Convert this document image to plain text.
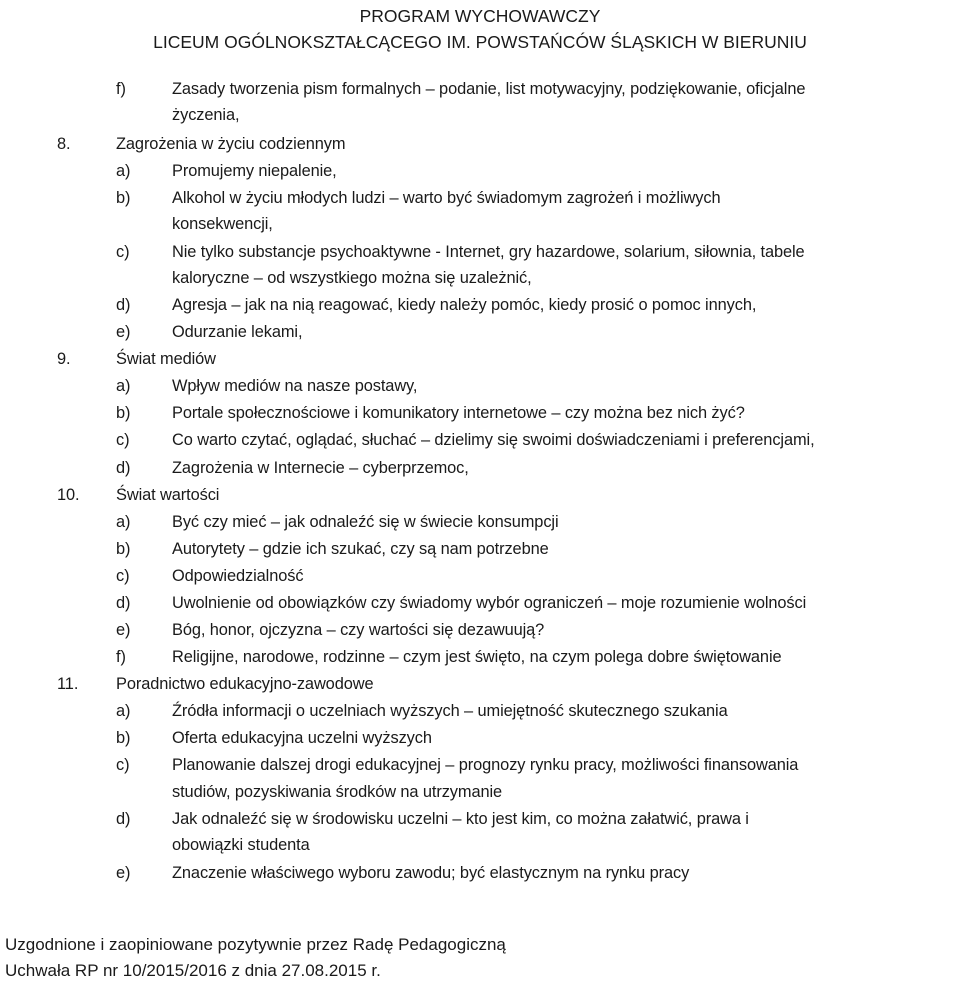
PROGRAM WYCHOWAWCZY
LICEUM OGÓLNOKSZTAŁCĄCEGO IM. POWSTAŃCÓW ŚLĄSKICH W BIERUNIU
f)	Zasady tworzenia pism formalnych – podanie, list motywacyjny, podziękowanie, oficjalne
życzenia,
8.	Zagrożenia w życiu codziennym
a)	Promujemy niepalenie,
b)	Alkohol w życiu młodych ludzi – warto być świadomym zagrożeń i możliwych
konsekwencji,
c)	Nie tylko substancje psychoaktywne - Internet, gry hazardowe, solarium, siłownia, tabele
kaloryczne – od wszystkiego można się uzależnić,
d)	Agresja – jak na nią reagować, kiedy należy pomóc, kiedy prosić o pomoc innych,
e)	Odurzanie lekami,
9.	Świat mediów
a)	Wpływ mediów na nasze postawy,
b)	Portale społecznościowe i komunikatory internetowe – czy można bez nich żyć?
c)	Co warto czytać, oglądać, słuchać – dzielimy się swoimi doświadczeniami i preferencjami,
d)	Zagrożenia w Internecie – cyberprzemoc,
10. Świat wartości
a)	Być czy mieć – jak odnaleźć się w świecie konsumpcji
b)	Autorytety – gdzie ich szukać, czy są nam potrzebne
c)	Odpowiedzialność
d)	Uwolnienie od obowiązków czy świadomy wybór ograniczeń – moje rozumienie wolności
e)	Bóg, honor, ojczyzna – czy wartości się dezawuują?
f)	Religijne, narodowe, rodzinne – czym jest święto, na czym polega dobre świętowanie
11. Poradnictwo edukacyjno-zawodowe
a)	Źródła informacji o uczelniach wyższych – umiejętność skutecznego szukania
b)	Oferta edukacyjna uczelni wyższych
c)	Planowanie dalszej drogi edukacyjnej – prognozy rynku pracy, możliwości finansowania
studiów, pozyskiwania środków na utrzymanie
d)	Jak odnaleźć się w środowisku uczelni – kto jest kim, co można załatwić, prawa i
obowiązki studenta
e)	Znaczenie właściwego wyboru zawodu; być elastycznym na rynku pracy
Uzgodnione i zaopiniowane pozytywnie przez Radę Pedagogiczną
Uchwała RP nr 10/2015/2016 z dnia 27.08.2015 r.
